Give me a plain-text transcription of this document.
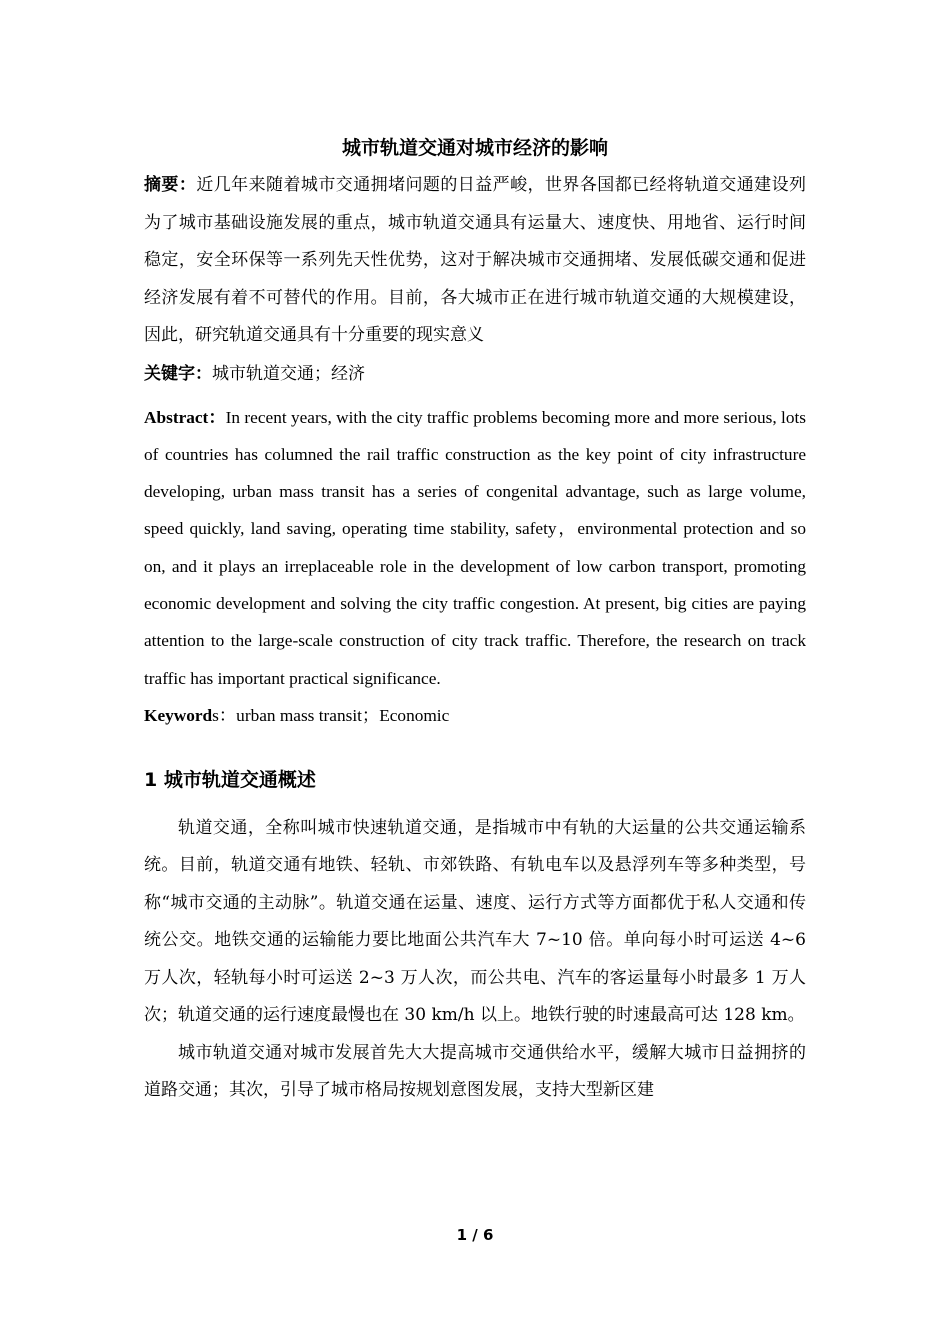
城市轨道交通对城市经济的影响

摘要：近几年来随着城市交通拥堵问题的日益严峻，世界各国都已经将轨道交通建设列为了城市基础设施发展的重点，城市轨道交通具有运量大、速度快、用地省、运行时间稳定，安全环保等一系列先天性优势，这对于解决城市交通拥堵、发展低碳交通和促进经济发展有着不可替代的作用。目前，各大城市正在进行城市轨道交通的大规模建设，因此，研究轨道交通具有十分重要的现实意义

关键字：城市轨道交通；经济

Abstract：In recent years, with the city traffic problems becoming more and more serious, lots of countries has columned the rail traffic construction as the key point of city infrastructure developing, urban mass transit has a series of congenital advantage, such as large volume, speed quickly, land saving, operating time stability, safety，environmental protection and so on, and it plays an irreplaceable role in the development of low carbon transport, promoting economic development and solving the city traffic congestion. At present, big cities are paying attention to the large-scale construction of city track traffic. Therefore, the research on track traffic has important practical significance.

Keywords：urban mass transit；Economic

1 城市轨道交通概述

轨道交通，全称叫城市快速轨道交通，是指城市中有轨的大运量的公共交通运输系统。目前，轨道交通有地铁、轻轨、市郊铁路、有轨电车以及悬浮列车等多种类型，号称“城市交通的主动脉”。轨道交通在运量、速度、运行方式等方面都优于私人交通和传统公交。地铁交通的运输能力要比地面公共汽车大 7~10 倍。单向每小时可运送 4~6 万人次，轻轨每小时可运送 2~3 万人次，而公共电、汽车的客运量每小时最多 1 万人次；轨道交通的运行速度最慢也在 30 km/h 以上。地铁行驶的时速最高可达 128 km。

城市轨道交通对城市发展首先大大提高城市交通供给水平，缓解大城市日益拥挤的道路交通；其次，引导了城市格局按规划意图发展，支持大型新区建

1 / 6
